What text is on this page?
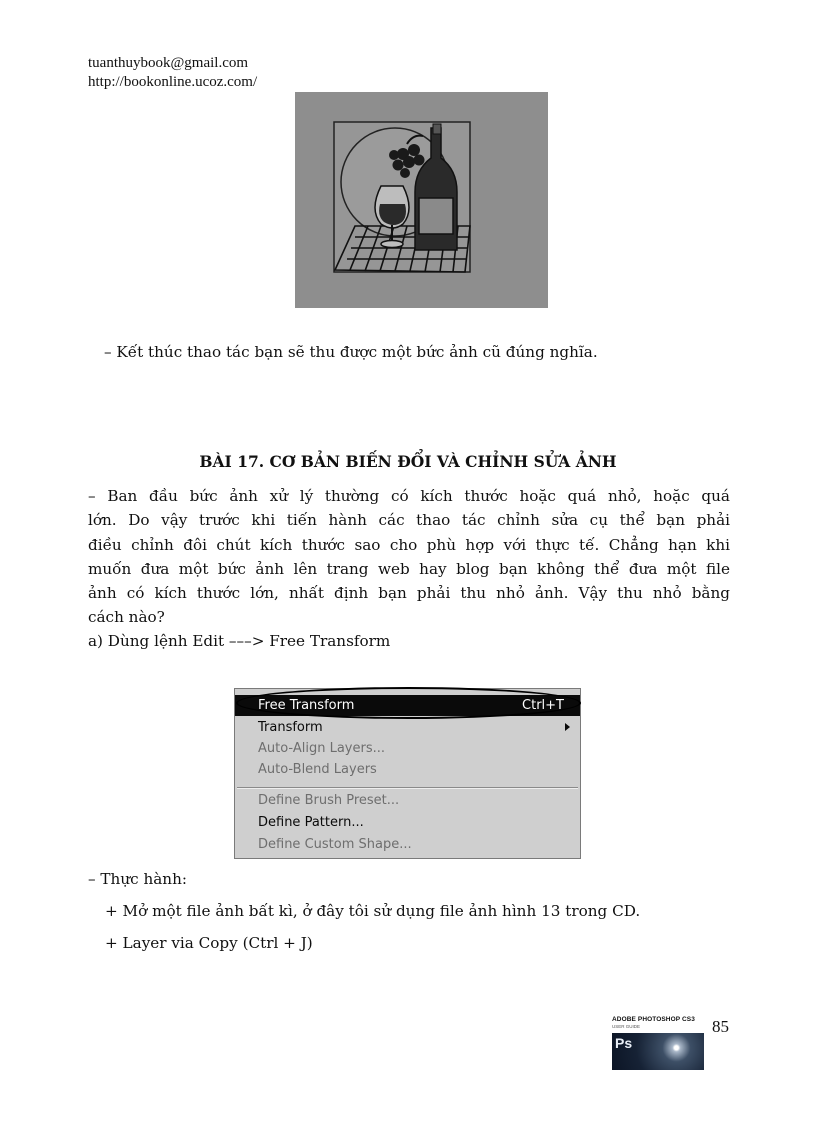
tuanthuybook@gmail.com
http://bookonline.ucoz.com/
– Kết thúc thao tác bạn sẽ thu được một bức ảnh cũ đúng nghĩa.
BÀI 17. CƠ BẢN BIẾN ĐỔI VÀ CHỈNH SỬA ẢNH
– Ban đầu bức ảnh xử lý thường có kích thước hoặc quá nhỏ, hoặc quá
lớn. Do vậy trước khi tiến hành các thao tác chỉnh sửa cụ thể bạn phải
điều chỉnh đôi chút kích thước sao cho phù hợp với thực tế. Chẳng hạn khi
muốn đưa một bức ảnh lên trang web hay blog bạn không thể đưa một file
ảnh có kích thước lớn, nhất định bạn phải thu nhỏ ảnh. Vậy thu nhỏ bằng
cách nào?
a) Dùng lệnh Edit –––> Free Transform
Free Transform	Ctrl+T
Transform
Auto-Align Layers...
Auto-Blend Layers
Define Brush Preset...
Define Pattern...
Define Custom Shape...
– Thực hành:
+ Mở một file ảnh bất kì, ở đây tôi sử dụng file ảnh hình 13 trong CD.
+ Layer via Copy (Ctrl + J)
ADOBE PHOTOSHOP CS3
USER GUIDE
Ps
85
